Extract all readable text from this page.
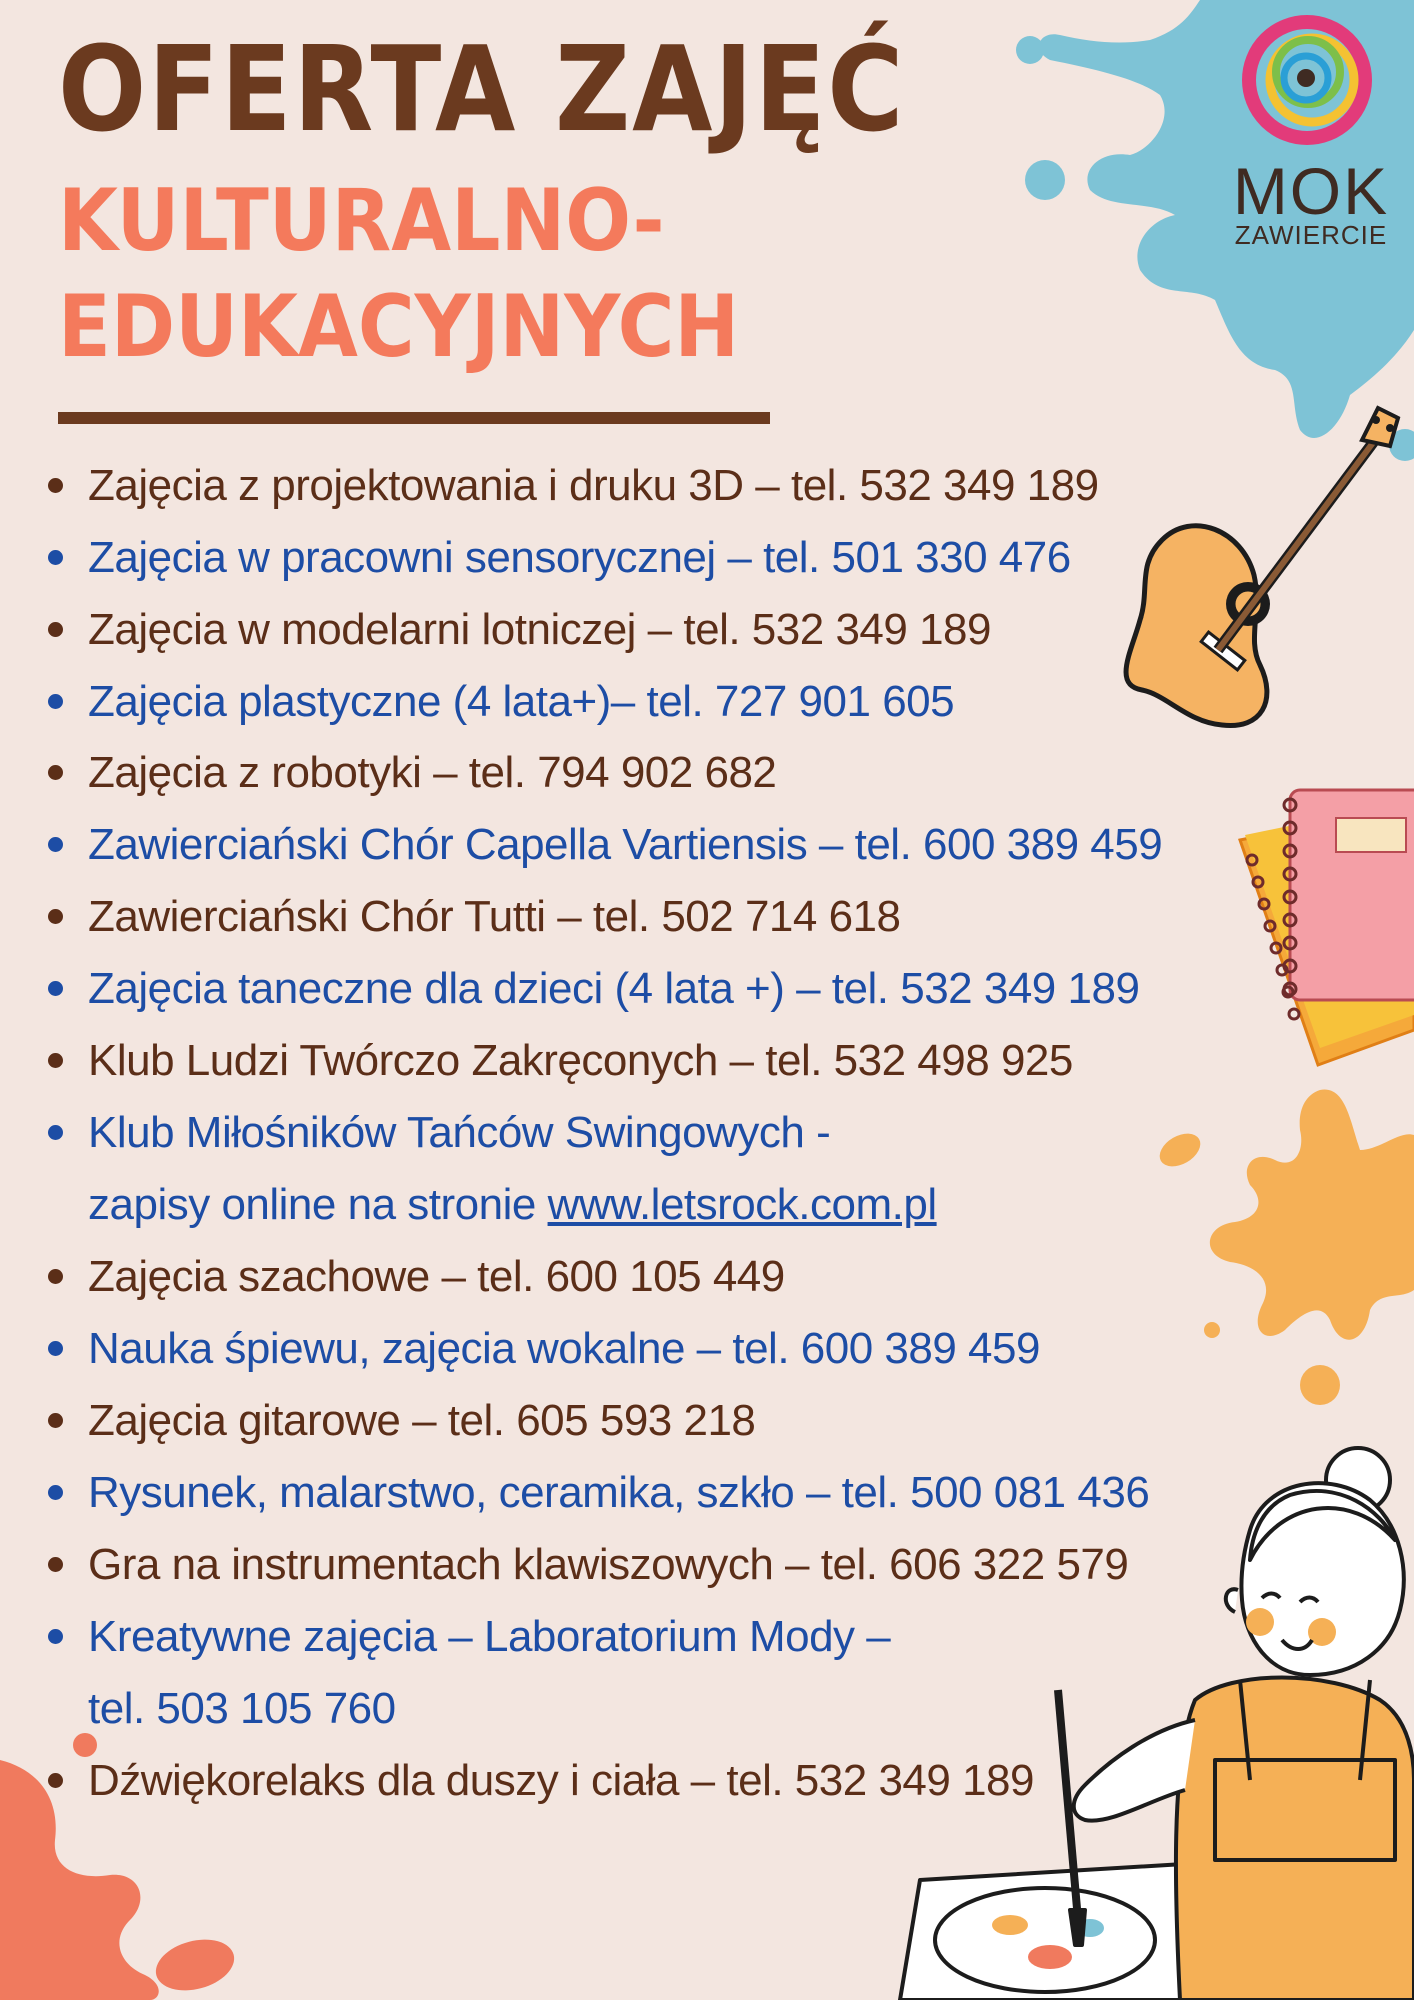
MOK
ZAWIERCIE
OFERTA ZAJĘĆ
KULTURALNO-
EDUKACYJNYCH
Zajęcia z projektowania i druku 3D – tel. 532 349 189
Zajęcia w pracowni sensorycznej – tel. 501 330 476
Zajęcia w modelarni lotniczej – tel. 532 349 189
Zajęcia plastyczne (4 lata+)– tel. 727 901 605
Zajęcia z robotyki – tel. 794 902 682
Zawierciański Chór Capella Vartiensis – tel. 600 389 459
Zawierciański Chór Tutti – tel. 502 714 618
Zajęcia taneczne dla dzieci (4 lata +) – tel. 532 349 189
Klub Ludzi Twórczo Zakręconych – tel. 532 498 925
Klub Miłośników Tańców Swingowych -
zapisy online na stronie www.letsrock.com.pl
Zajęcia szachowe – tel. 600 105 449
Nauka śpiewu, zajęcia wokalne – tel. 600 389 459
Zajęcia gitarowe – tel. 605 593 218
Rysunek, malarstwo, ceramika, szkło – tel. 500 081 436
Gra na instrumentach klawiszowych – tel. 606 322 579
Kreatywne zajęcia – Laboratorium Mody –
tel. 503 105 760
Dźwiękorelaks dla duszy i ciała – tel. 532 349 189
